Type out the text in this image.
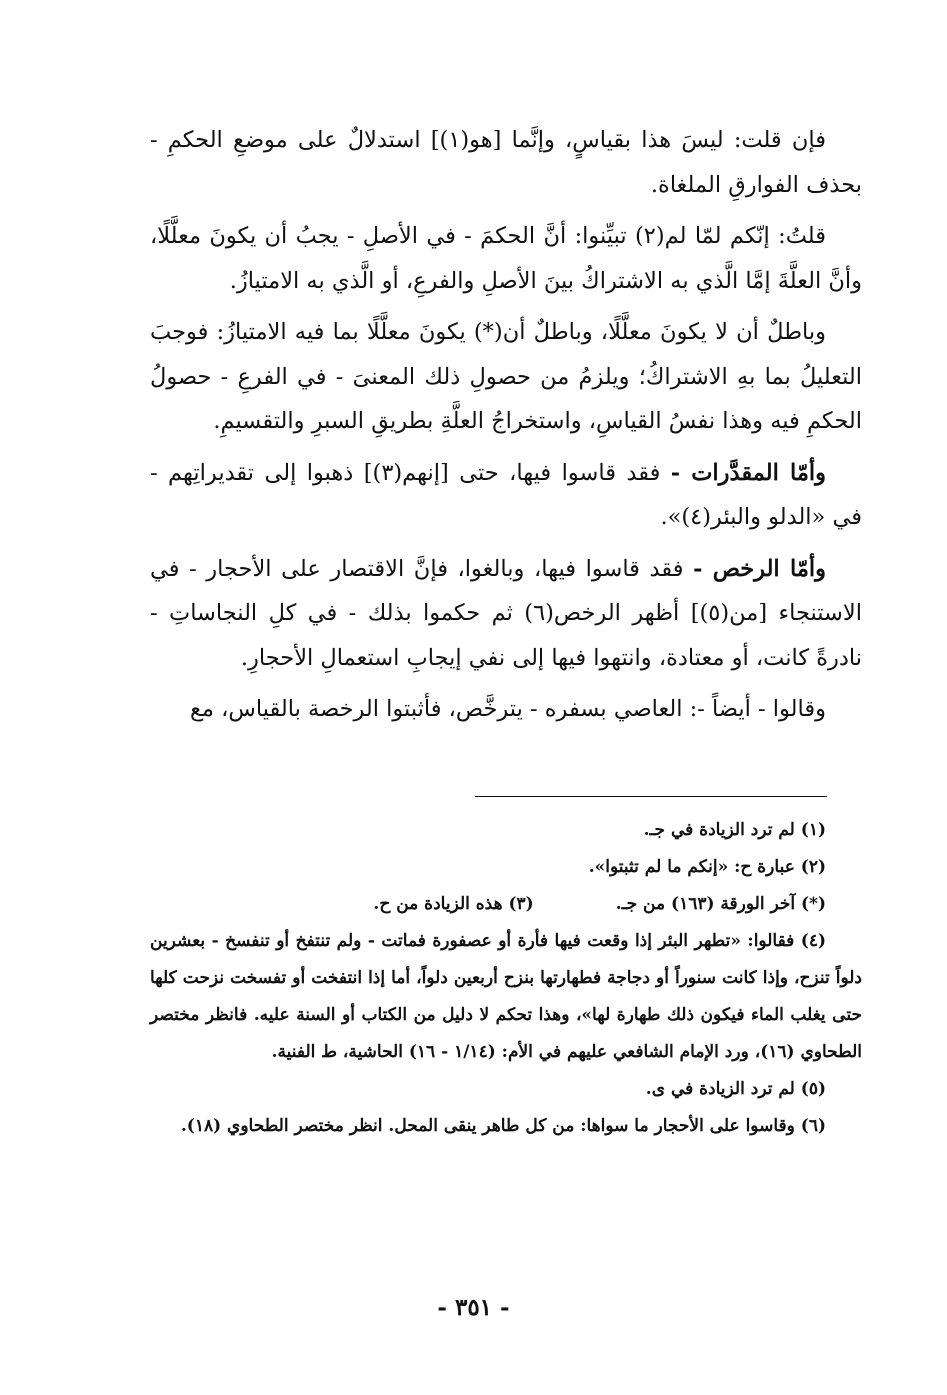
فإن قلت: ليسَ هذا بقياسٍ، وإنَّما [هو(١)] استدلالٌ على موضعِ الحكمِ - بحذف الفوارقِ الملغاة.

قلتُ: إنّكم لمّا لم(٢) تبيِّنوا: أنَّ الحكمَ - في الأصلِ - يجبُ أن يكونَ معلَّلًا، وأنَّ العلَّةَ إمَّا الَّذي به الاشتراكُ بينَ الأصلِ والفرعِ، أو الَّذي به الامتيازُ.

وباطلٌ أن لا يكونَ معلَّلًا، وباطلٌ أن(*) يكونَ معلَّلًا بما فيه الامتيازُ: فوجبَ التعليلُ بما بهِ الاشتراكُ؛ ويلزمُ من حصولِ ذلك المعنىَ - في الفرعِ - حصولُ الحكمِ فيه وهذا نفسُ القياسِ، واستخراجُ العلَّةِ بطريقِ السبرِ والتقسيمِ.

وأمّا المقدَّرات - فقد قاسوا فيها، حتى [إنهم(٣)] ذهبوا إلى تقديراتِهم - في «الدلو والبئر(٤)».

وأمّا الرخص - فقد قاسوا فيها، وبالغوا، فإنَّ الاقتصار على الأحجار - في الاستنجاء [من(٥)] أظهر الرخص(٦) ثم حكموا بذلك - في كلِ النجاساتِ - نادرةً كانت، أو معتادة، وانتهوا فيها إلى نفي إيجابِ استعمالِ الأحجارِ.

وقالوا - أيضاً -: العاصي بسفره - يترخَّص، فأثبتوا الرخصة بالقياس، مع

(١) لم ترد الزيادة في جـ.

(٢) عبارة ح: «إنكم ما لم تثبتوا».

(*) آخر الورقة (١٦٣) من جـ.
(٣) هذه الزيادة من ح.

(٤) فقالوا: «تطهر البئر إذا وقعت فيها فأرة أو عصفورة فماتت - ولم تنتفخ أو تنفسخ - بعشرين دلواً تنزح، وإذا كانت سنوراً أو دجاجة فطهارتها بنزح أربعين دلواً، أما إذا انتفخت أو تفسخت نزحت كلها حتى يغلب الماء فيكون ذلك طهارة لها»، وهذا تحكم لا دليل من الكتاب أو السنة عليه. فانظر مختصر الطحاوي (١٦)، ورد الإمام الشافعي عليهم في الأم: (١/١٤ - ١٦) الحاشية، ط الفنية.

(٥) لم ترد الزيادة في ى.

(٦) وقاسوا على الأحجار ما سواها: من كل طاهر ينقى المحل. انظر مختصر الطحاوي (١٨).

- ٣٥١ -
